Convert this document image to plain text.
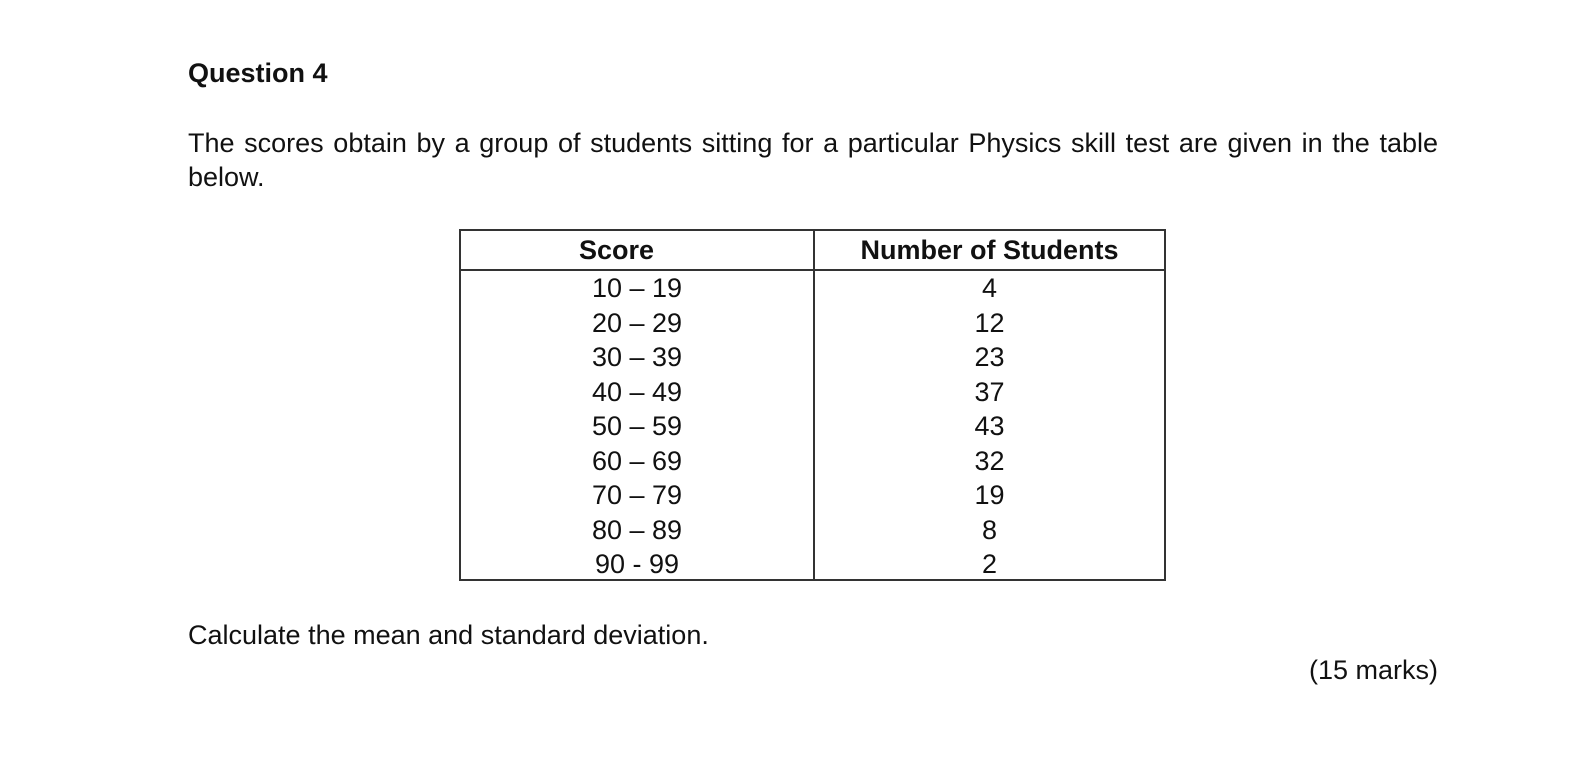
Question 4
The scores obtain by a group of students sitting for a particular Physics skill test are given in the table below.
Score	Number of Students
10 – 19	4
20 – 29	12
30 – 39	23
40 – 49	37
50 – 59	43
60 – 69	32
70 – 79	19
80 – 89	8
90 - 99	2
Calculate the mean and standard deviation.
(15 marks)
